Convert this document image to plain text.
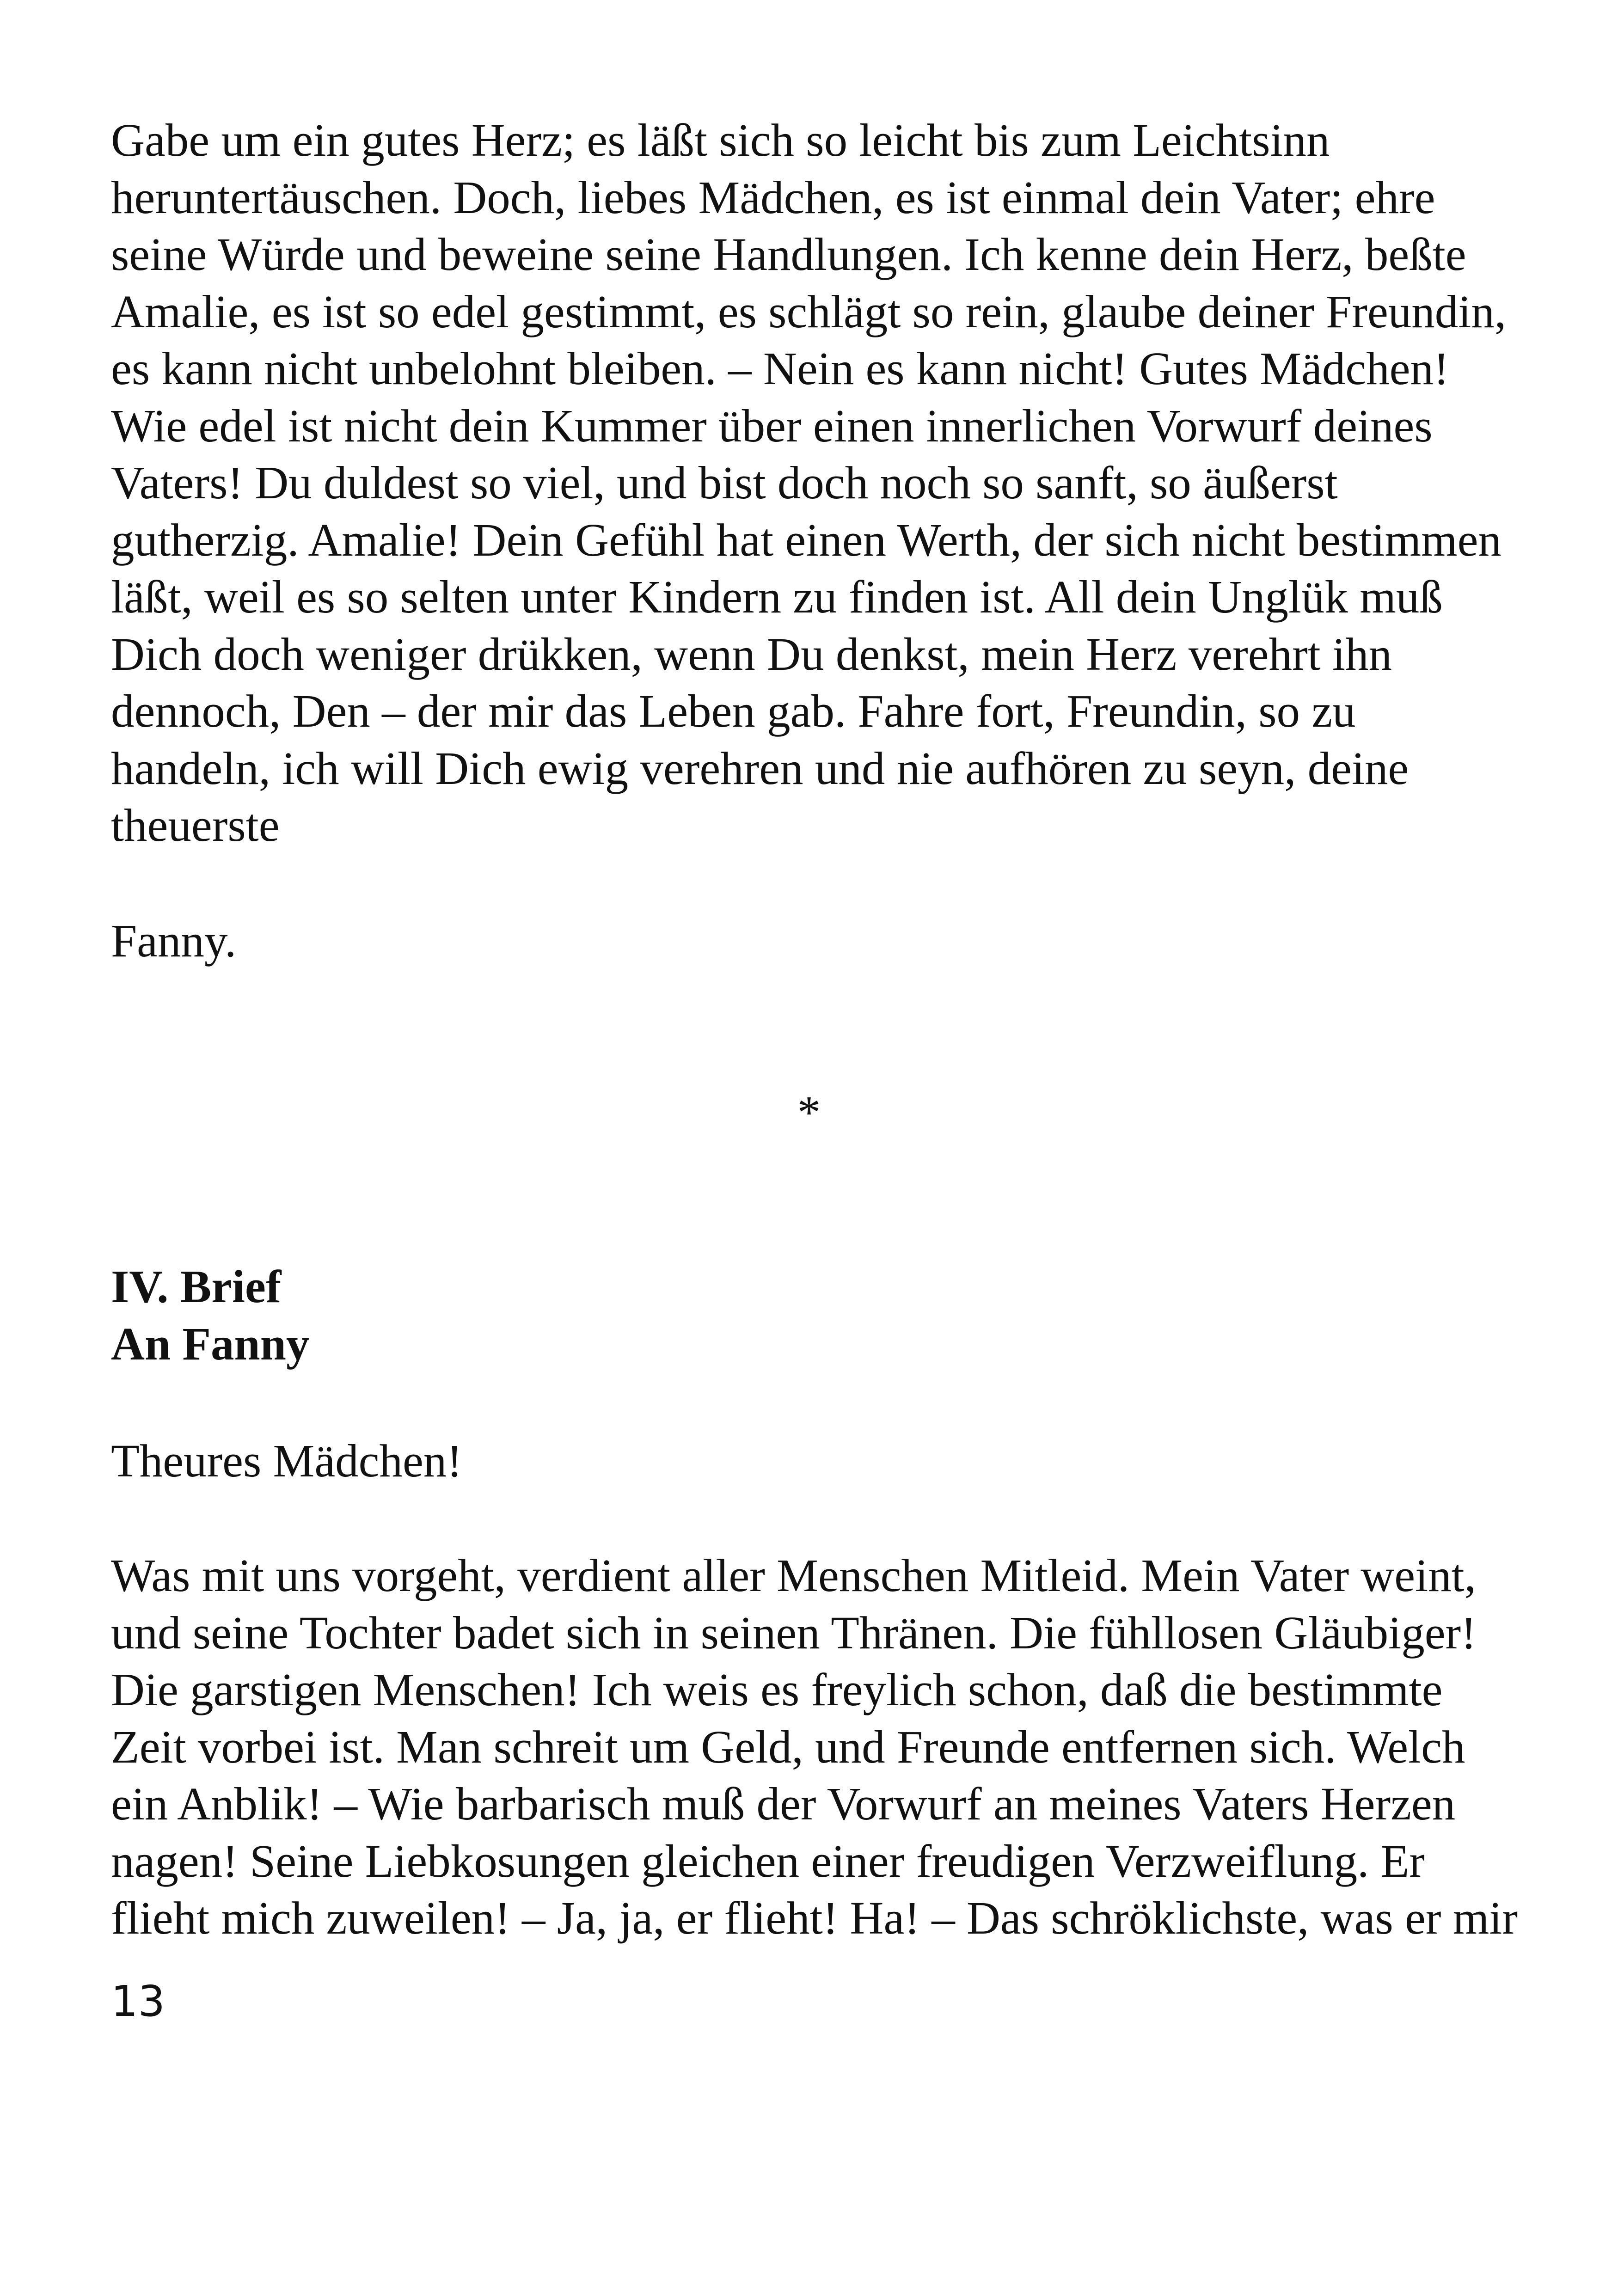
Gabe um ein gutes Herz; es läßt sich so leicht bis zum Leichtsinn
heruntertäuschen. Doch, liebes Mädchen, es ist einmal dein Vater; ehre
seine Würde und beweine seine Handlungen. Ich kenne dein Herz, beßte
Amalie, es ist so edel gestimmt, es schlägt so rein, glaube deiner Freundin,
es kann nicht unbelohnt bleiben. – Nein es kann nicht! Gutes Mädchen!
Wie edel ist nicht dein Kummer über einen innerlichen Vorwurf deines
Vaters! Du duldest so viel, und bist doch noch so sanft, so äußerst
gutherzig. Amalie! Dein Gefühl hat einen Werth, der sich nicht bestimmen
läßt, weil es so selten unter Kindern zu finden ist. All dein Unglük muß
Dich doch weniger drükken, wenn Du denkst, mein Herz verehrt ihn
dennoch, Den – der mir das Leben gab. Fahre fort, Freundin, so zu
handeln, ich will Dich ewig verehren und nie aufhören zu seyn, deine
theuerste
Fanny.
*
IV. Brief
An Fanny
Theures Mädchen!
Was mit uns vorgeht, verdient aller Menschen Mitleid. Mein Vater weint,
und seine Tochter badet sich in seinen Thränen. Die fühllosen Gläubiger!
Die garstigen Menschen! Ich weis es freylich schon, daß die bestimmte
Zeit vorbei ist. Man schreit um Geld, und Freunde entfernen sich. Welch
ein Anblik! – Wie barbarisch muß der Vorwurf an meines Vaters Herzen
nagen! Seine Liebkosungen gleichen einer freudigen Verzweiflung. Er
flieht mich zuweilen! – Ja, ja, er flieht! Ha! – Das schröklichste, was er mir
13
